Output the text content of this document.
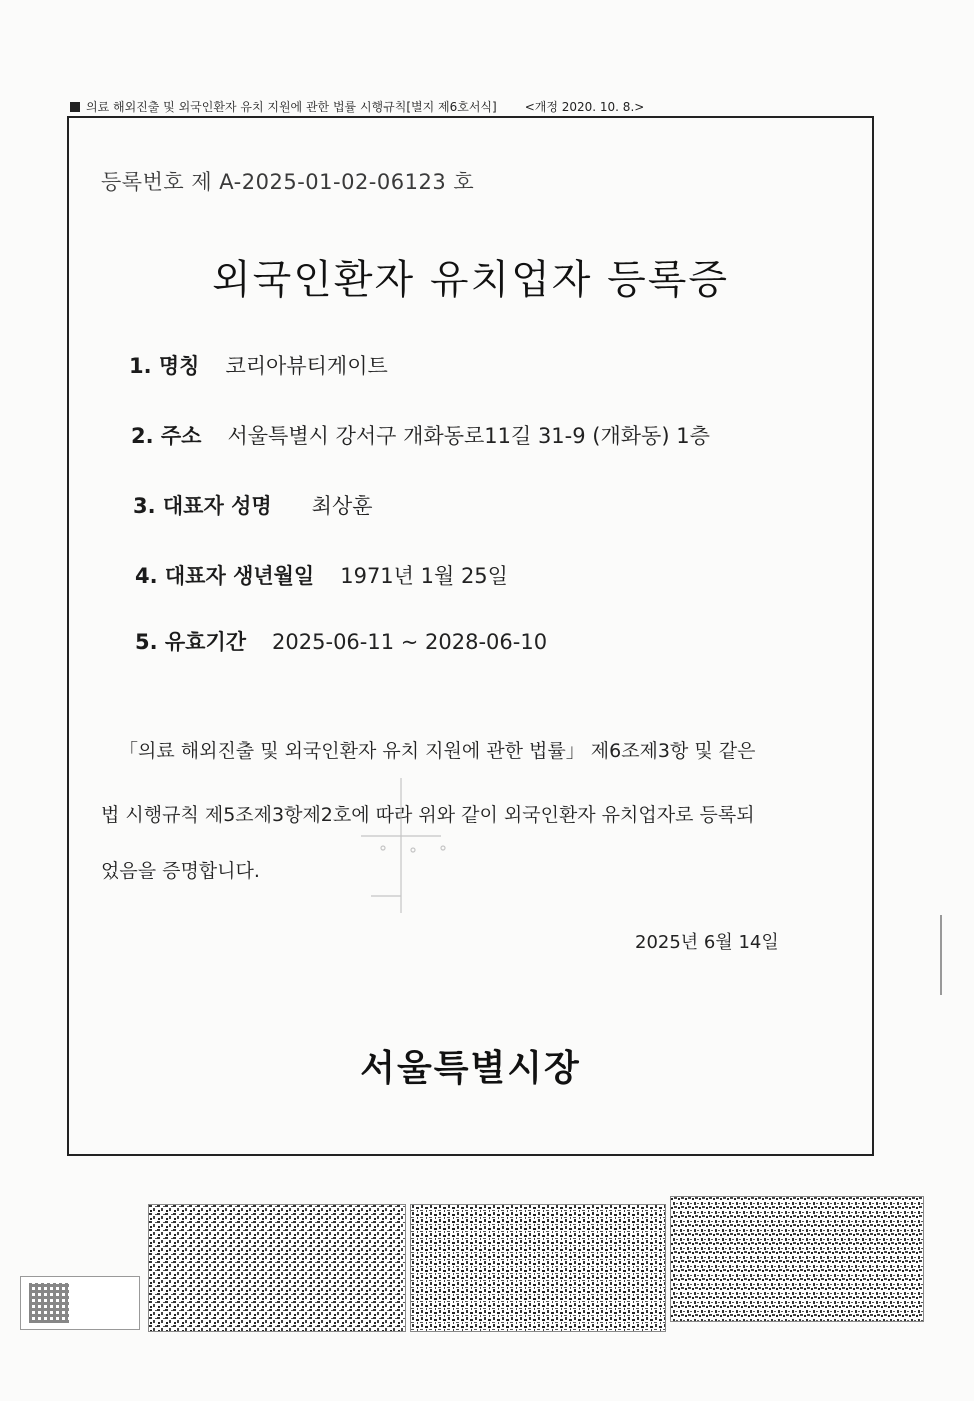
의료 해외진출 및 외국인환자 유치 지원에 관한 법률 시행규칙[별지 제6호서식] <개정 2020. 10. 8.>
등록번호 제 A-2025-01-02-06123 호
외국인환자 유치업자 등록증
1. 명칭 코리아뷰티게이트
2. 주소 서울특별시 강서구 개화동로11길 31-9 (개화동) 1층
3. 대표자 성명 최상훈
4. 대표자 생년월일 1971년 1월 25일
5. 유효기간 2025-06-11 ~ 2028-06-10
「의료 해외진출 및 외국인환자 유치 지원에 관한 법률」 제6조제3항 및 같은
법 시행규칙 제5조제3항제2호에 따라 위와 같이 외국인환자 유치업자로 등록되
었음을 증명합니다.
2025년 6월 14일
서울특별시장
